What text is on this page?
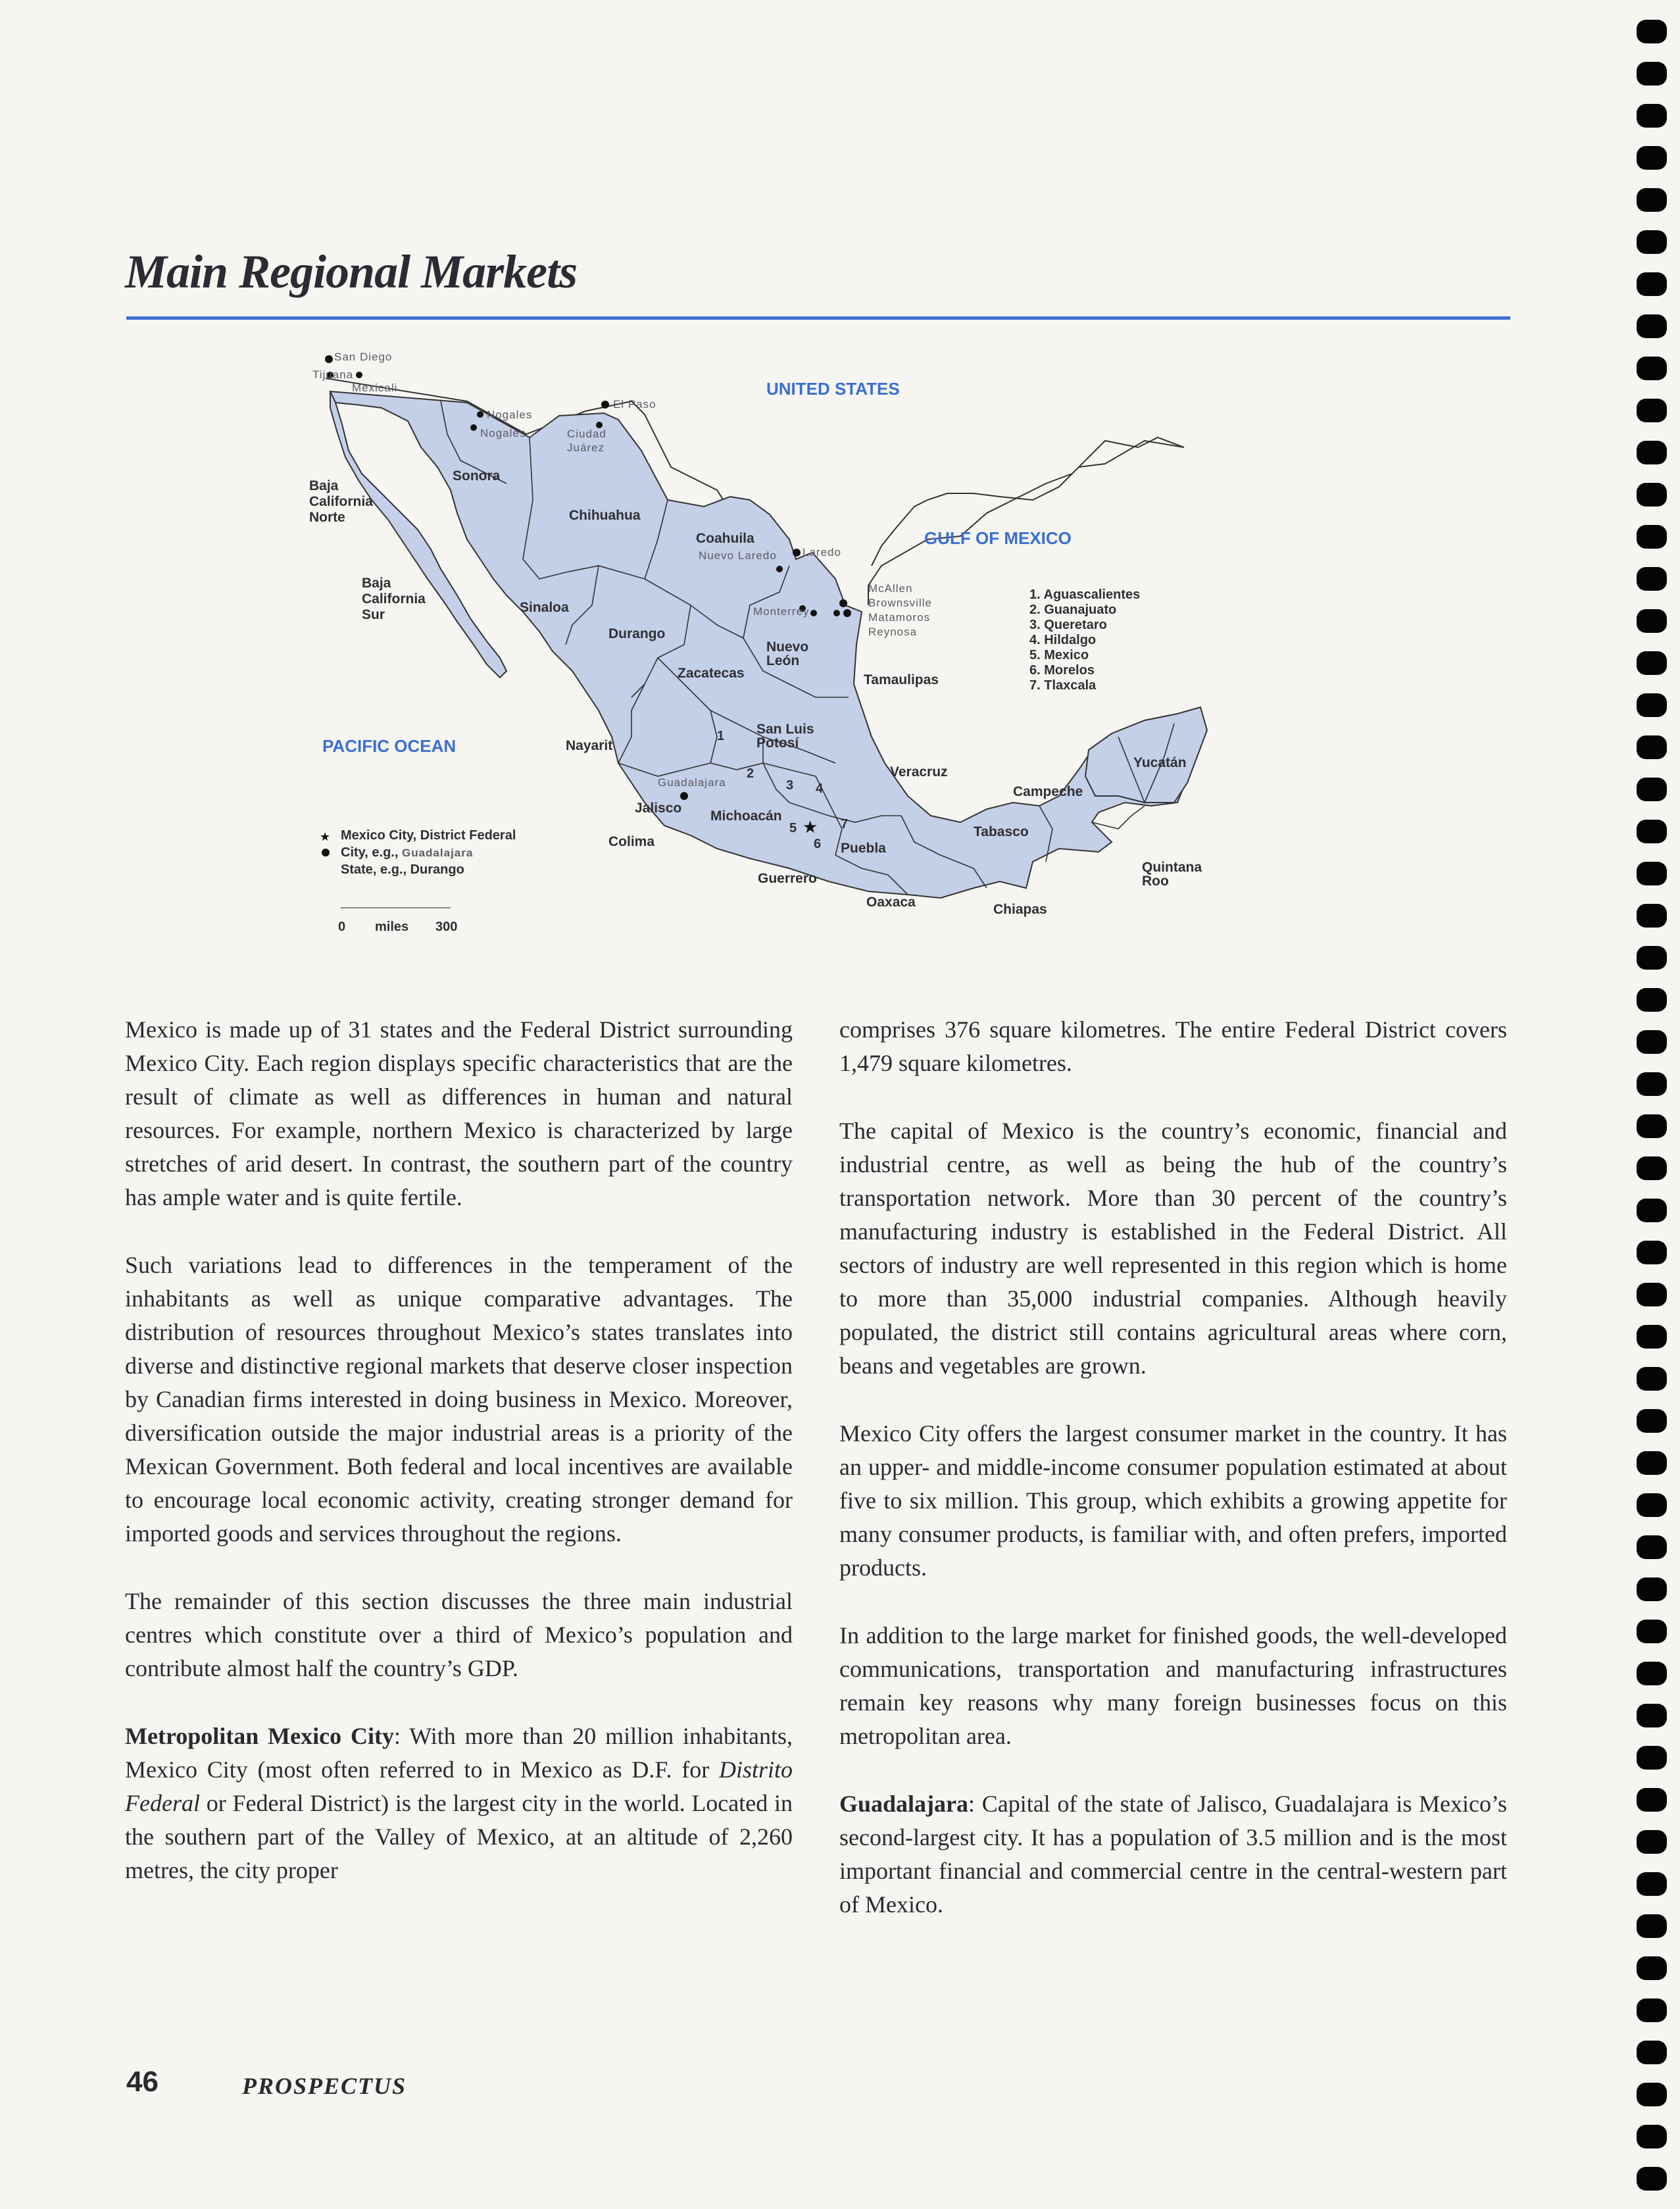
Main Regional Markets
UNITED STATES
GULF OF MEXICO
PACIFIC OCEAN
Baja California Norte
Sonora
Chihuahua
Coahuila
Baja California Sur	Sinaloa
Durango
Zacatecas
Nuevo León
Tamaulipas
San Luis Potosí
Nayarit
Jalisco
Michoacán
Colima
Veracruz
Puebla
Guerrero
Oaxaca
Tabasco
Campeche
Yucatán
Quintana Roo
Chiapas
1
2
3 4
5
6
7
★
San Diego
Tijuana
Mexicali
Nogales
Nogales
El Paso
Ciudad Juárez
Nuevo Laredo Laredo
Monterrey
McAllen
Brownsville
Matamoros
Reynosa
Guadalajara
1. Aguascalientes
2. Guanajuato
3. Queretaro
4. Hildalgo
5. Mexico
6. Morelos
7. Tlaxcala
★ Mexico City, District Federal
City, e.g., Guadalajara
State, e.g., Durango
0 miles 300

Mexico is made up of 31 states and the Federal District surrounding Mexico City. Each region displays specific characteristics that are the result of climate as well as differences in human and natural resources. For example, northern Mexico is characterized by large stretches of arid desert. In contrast, the southern part of the country has ample water and is quite fertile.

Such variations lead to differences in the temperament of the inhabitants as well as unique comparative advantages. The distribution of resources throughout Mexico’s states translates into diverse and distinctive regional markets that deserve closer inspection by Canadian firms interested in doing business in Mexico. Moreover, diversification outside the major industrial areas is a priority of the Mexican Government. Both federal and local incentives are available to encourage local economic activity, creating stronger demand for imported goods and services throughout the regions.

The remainder of this section discusses the three main industrial centres which constitute over a third of Mexico’s population and contribute almost half the country’s GDP.

Metropolitan Mexico City: With more than 20 million inhabitants, Mexico City (most often referred to in Mexico as D.F. for Distrito Federal or Federal District) is the largest city in the world. Located in the southern part of the Valley of Mexico, at an altitude of 2,260 metres, the city proper

comprises 376 square kilometres. The entire Federal District covers 1,479 square kilometres.

The capital of Mexico is the country’s economic, financial and industrial centre, as well as being the hub of the country’s transportation network. More than 30 percent of the country’s manufacturing industry is established in the Federal District. All sectors of industry are well represented in this region which is home to more than 35,000 industrial companies. Although heavily populated, the district still contains agricultural areas where corn, beans and vegetables are grown.

Mexico City offers the largest consumer market in the country. It has an upper- and middle-income consumer population estimated at about five to six million. This group, which exhibits a growing appetite for many consumer products, is familiar with, and often prefers, imported products.

In addition to the large market for finished goods, the well-developed communications, transportation and manufacturing infrastructures remain key reasons why many foreign businesses focus on this metropolitan area.

Guadalajara: Capital of the state of Jalisco, Guadalajara is Mexico’s second-largest city. It has a population of 3.5 million and is the most important financial and commercial centre in the central-western part of Mexico.

46	PROSPECTUS
